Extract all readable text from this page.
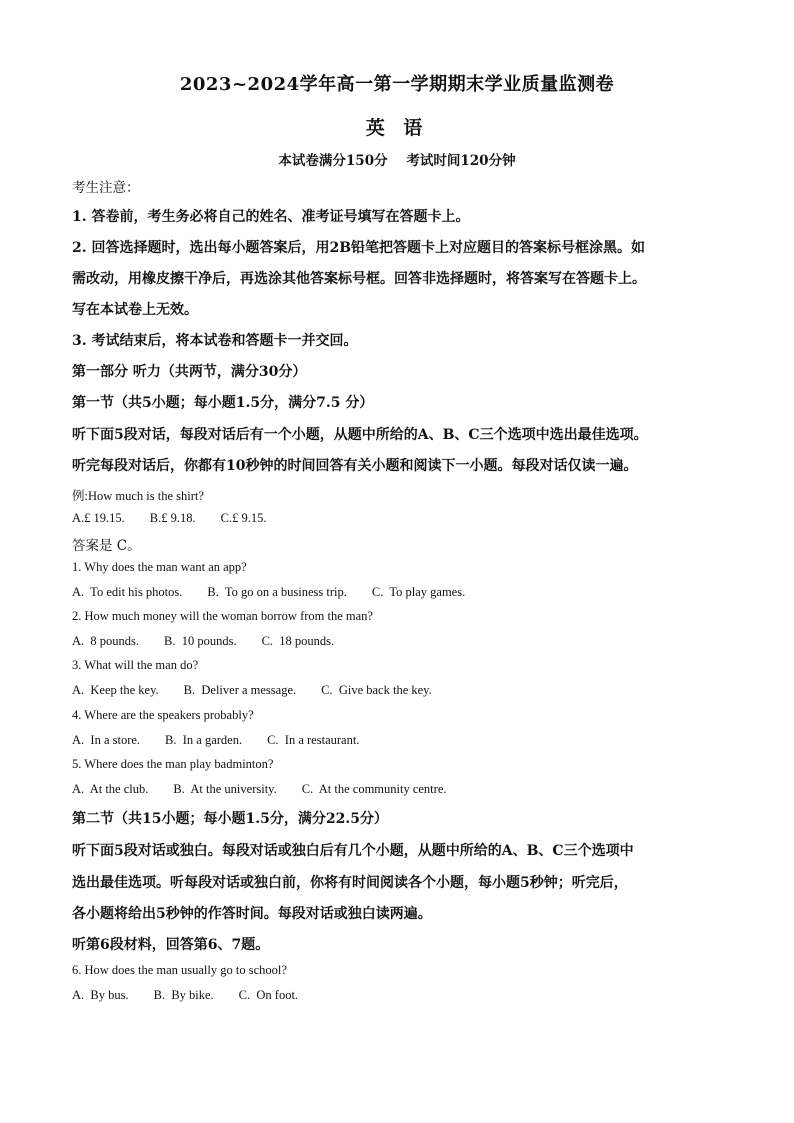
2023~2024学年高一第一学期期末学业质量监测卷
英 语
本试卷满分150分    考试时间120分钟
考生注意：
1. 答卷前，考生务必将自己的姓名、准考证号填写在答题卡上。
2. 回答选择题时，选出每小题答案后，用2B铅笔把答题卡上对应题目的答案标号框涂黑。如
需改动，用橡皮擦干净后，再选涂其他答案标号框。回答非选择题时，将答案写在答题卡上。
写在本试卷上无效。
3. 考试结束后，将本试卷和答题卡一并交回。
第一部分 听力（共两节，满分30分）
第一节（共5小题；每小题1.5分，满分7.5 分）
听下面5段对话，每段对话后有一个小题，从题中所给的A、B、C三个选项中选出最佳选项。
听完每段对话后，你都有10秒钟的时间回答有关小题和阅读下一小题。每段对话仅读一遍。
例:How much is the shirt?
A.£ 19.15.        B.£ 9.18.        C.£ 9.15.
答案是 C。
1. Why does the man want an app?
A.  To edit his photos.        B.  To go on a business trip.        C.  To play games.
2. How much money will the woman borrow from the man?
A.  8 pounds.        B.  10 pounds.        C.  18 pounds.
3. What will the man do?
A.  Keep the key.        B.  Deliver a message.        C.  Give back the key.
4. Where are the speakers probably?
A.  In a store.        B.  In a garden.        C.  In a restaurant.
5. Where does the man play badminton?
A.  At the club.        B.  At the university.        C.  At the community centre.
第二节（共15小题；每小题1.5分，满分22.5分）
听下面5段对话或独白。每段对话或独白后有几个小题，从题中所给的A、B、C三个选项中
选出最佳选项。听每段对话或独白前，你将有时间阅读各个小题，每小题5秒钟；听完后，
各小题将给出5秒钟的作答时间。每段对话或独白读两遍。
听第6段材料，回答第6、7题。
6. How does the man usually go to school?
A.  By bus.        B.  By bike.        C.  On foot.
